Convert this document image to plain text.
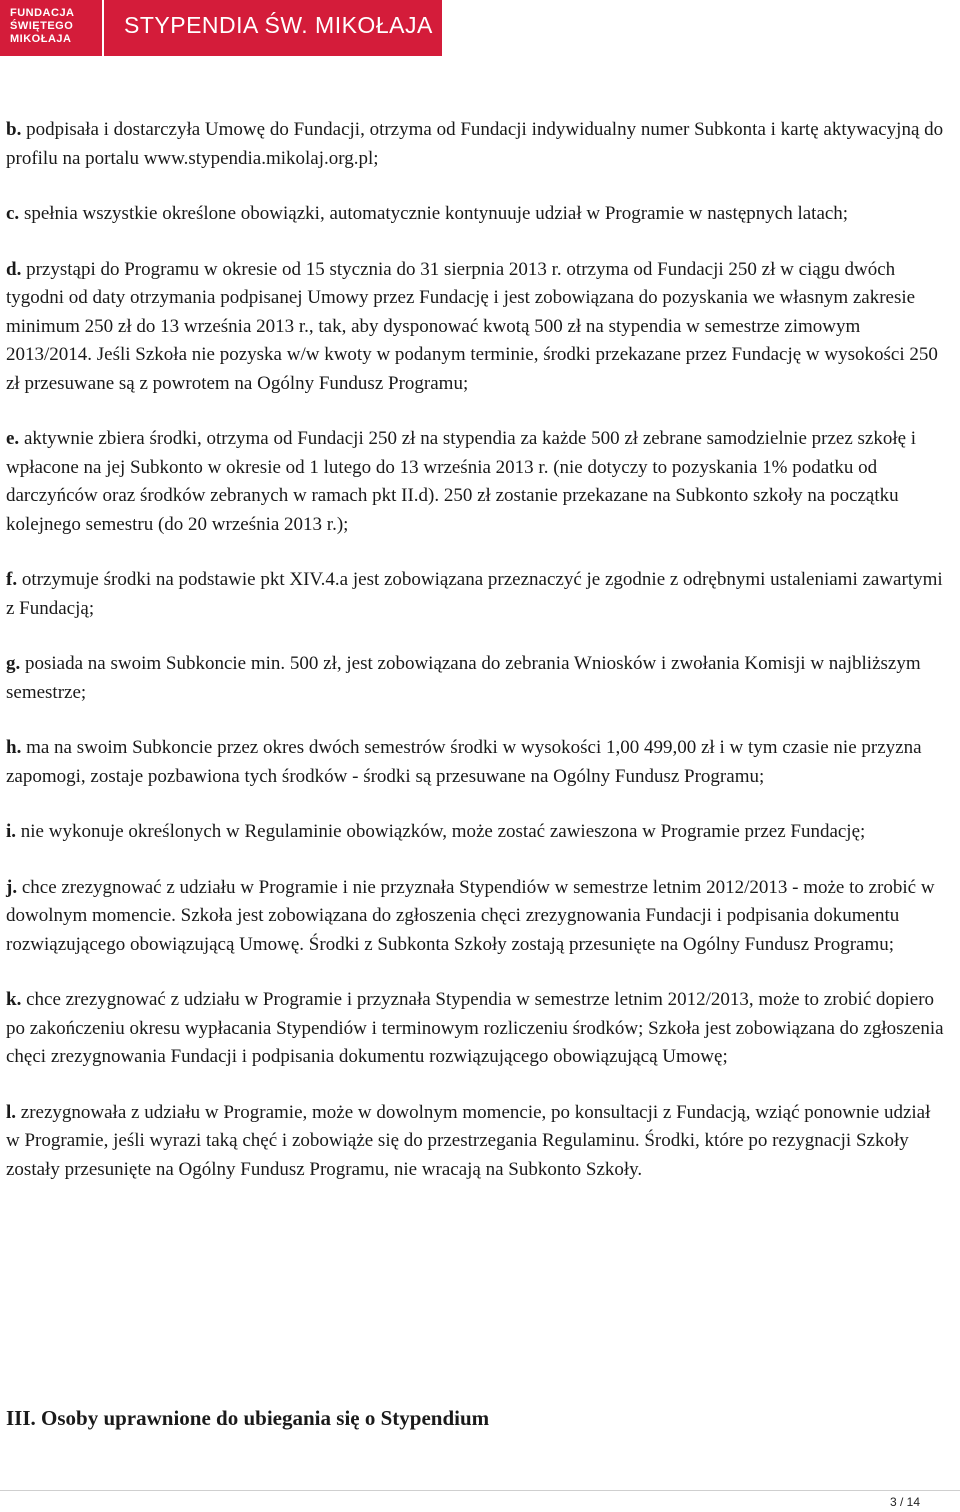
FUNDACJA
ŚWIĘTEGO
MIKOŁAJA
STYPENDIA ŚW. MIKOŁAJA

b. podpisała i dostarczyła Umowę do Fundacji, otrzyma od Fundacji indywidualny numer Subkonta i kartę aktywacyjną do profilu na portalu www.stypendia.mikolaj.org.pl;

c. spełnia wszystkie określone obowiązki, automatycznie kontynuuje udział w Programie w następnych latach;

d. przystąpi do Programu w okresie od 15 stycznia do 31 sierpnia 2013 r. otrzyma od Fundacji 250 zł w ciągu dwóch tygodni od daty otrzymania podpisanej Umowy przez Fundację i jest zobowiązana do pozyskania we własnym zakresie minimum 250 zł do 13 września 2013 r., tak, aby dysponować kwotą 500 zł na stypendia w semestrze zimowym 2013/2014. Jeśli Szkoła nie pozyska w/w kwoty w podanym terminie, środki przekazane przez Fundację w wysokości 250 zł przesuwane są z powrotem na Ogólny Fundusz Programu;

e. aktywnie zbiera środki, otrzyma od Fundacji 250 zł na stypendia za każde 500 zł zebrane samodzielnie przez szkołę i wpłacone na jej Subkonto w okresie od 1 lutego do 13 września 2013 r. (nie dotyczy to pozyskania 1% podatku od darczyńców oraz środków zebranych w ramach pkt II.d). 250 zł zostanie przekazane na Subkonto szkoły na początku kolejnego semestru (do 20 września 2013 r.);

f. otrzymuje środki na podstawie pkt XIV.4.a jest zobowiązana przeznaczyć je zgodnie z odrębnymi ustaleniami zawartymi z Fundacją;

g. posiada na swoim Subkoncie min. 500 zł, jest zobowiązana do zebrania Wniosków i zwołania Komisji w najbliższym semestrze;

h. ma na swoim Subkoncie przez okres dwóch semestrów środki w wysokości 1,00 499,00 zł i w tym czasie nie przyzna zapomogi, zostaje pozbawiona tych środków - środki są przesuwane na Ogólny Fundusz Programu;

i. nie wykonuje określonych w Regulaminie obowiązków, może zostać zawieszona w Programie przez Fundację;

j. chce zrezygnować z udziału w Programie i nie przyznała Stypendiów w semestrze letnim 2012/2013 - może to zrobić w dowolnym momencie. Szkoła jest zobowiązana do zgłoszenia chęci zrezygnowania Fundacji i podpisania dokumentu rozwiązującego obowiązującą Umowę. Środki z Subkonta Szkoły zostają przesunięte na Ogólny Fundusz Programu;

k. chce zrezygnować z udziału w Programie i przyznała Stypendia w semestrze letnim 2012/2013, może to zrobić dopiero po zakończeniu okresu wypłacania Stypendiów i terminowym rozliczeniu środków; Szkoła jest zobowiązana do zgłoszenia chęci zrezygnowania Fundacji i podpisania dokumentu rozwiązującego obowiązującą Umowę;

l. zrezygnowała z udziału w Programie, może w dowolnym momencie, po konsultacji z Fundacją, wziąć ponownie udział w Programie, jeśli wyrazi taką chęć i zobowiąże się do przestrzegania Regulaminu. Środki, które po rezygnacji Szkoły zostały przesunięte na Ogólny Fundusz Programu, nie wracają na Subkonto Szkoły.

III. Osoby uprawnione do ubiegania się o Stypendium
3 / 14
